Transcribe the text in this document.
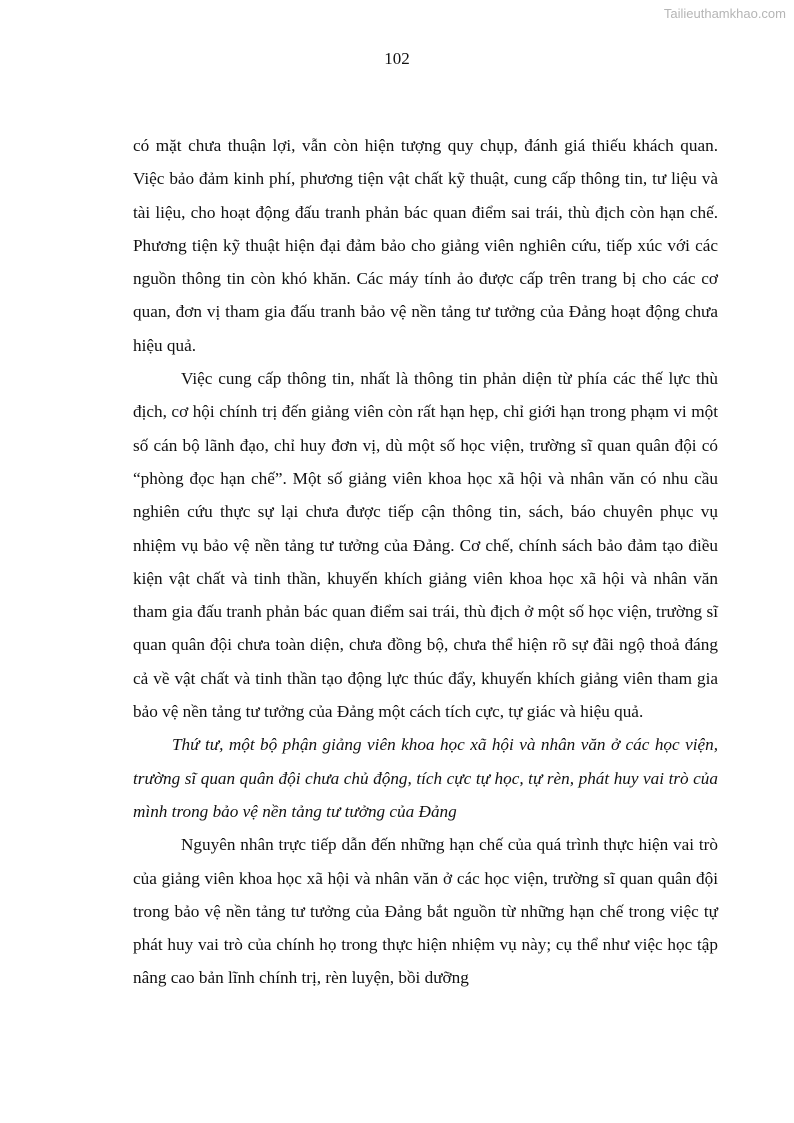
Tailieuthamkhao.com
102

có mặt chưa thuận lợi, vẫn còn hiện tượng quy chụp, đánh giá thiếu khách quan. Việc bảo đảm kinh phí, phương tiện vật chất kỹ thuật, cung cấp thông tin, tư liệu và tài liệu, cho hoạt động đấu tranh phản bác quan điểm sai trái, thù địch còn hạn chế. Phương tiện kỹ thuật hiện đại đảm bảo cho giảng viên nghiên cứu, tiếp xúc với các nguồn thông tin còn khó khăn. Các máy tính ảo được cấp trên trang bị cho các cơ quan, đơn vị tham gia đấu tranh bảo vệ nền tảng tư tưởng của Đảng hoạt động chưa hiệu quả.

Việc cung cấp thông tin, nhất là thông tin phản diện từ phía các thế lực thù địch, cơ hội chính trị đến giảng viên còn rất hạn hẹp, chỉ giới hạn trong phạm vi một số cán bộ lãnh đạo, chỉ huy đơn vị, dù một số học viện, trường sĩ quan quân đội có “phòng đọc hạn chế”. Một số giảng viên khoa học xã hội và nhân văn có nhu cầu nghiên cứu thực sự lại chưa được tiếp cận thông tin, sách, báo chuyên phục vụ nhiệm vụ bảo vệ nền tảng tư tưởng của Đảng. Cơ chế, chính sách bảo đảm tạo điều kiện vật chất và tinh thần, khuyến khích giảng viên khoa học xã hội và nhân văn tham gia đấu tranh phản bác quan điểm sai trái, thù địch ở một số học viện, trường sĩ quan quân đội chưa toàn diện, chưa đồng bộ, chưa thể hiện rõ sự đãi ngộ thoả đáng cả về vật chất và tinh thần tạo động lực thúc đẩy, khuyến khích giảng viên tham gia bảo vệ nền tảng tư tưởng của Đảng một cách tích cực, tự giác và hiệu quả.

Thứ tư, một bộ phận giảng viên khoa học xã hội và nhân văn ở các học viện, trường sĩ quan quân đội chưa chủ động, tích cực tự học, tự rèn, phát huy vai trò của mình trong bảo vệ nền tảng tư tưởng của Đảng

Nguyên nhân trực tiếp dẫn đến những hạn chế của quá trình thực hiện vai trò của giảng viên khoa học xã hội và nhân văn ở các học viện, trường sĩ quan quân đội trong bảo vệ nền tảng tư tưởng của Đảng bắt nguồn từ những hạn chế trong việc tự phát huy vai trò của chính họ trong thực hiện nhiệm vụ này; cụ thể như việc học tập nâng cao bản lĩnh chính trị, rèn luyện, bồi dưỡng
